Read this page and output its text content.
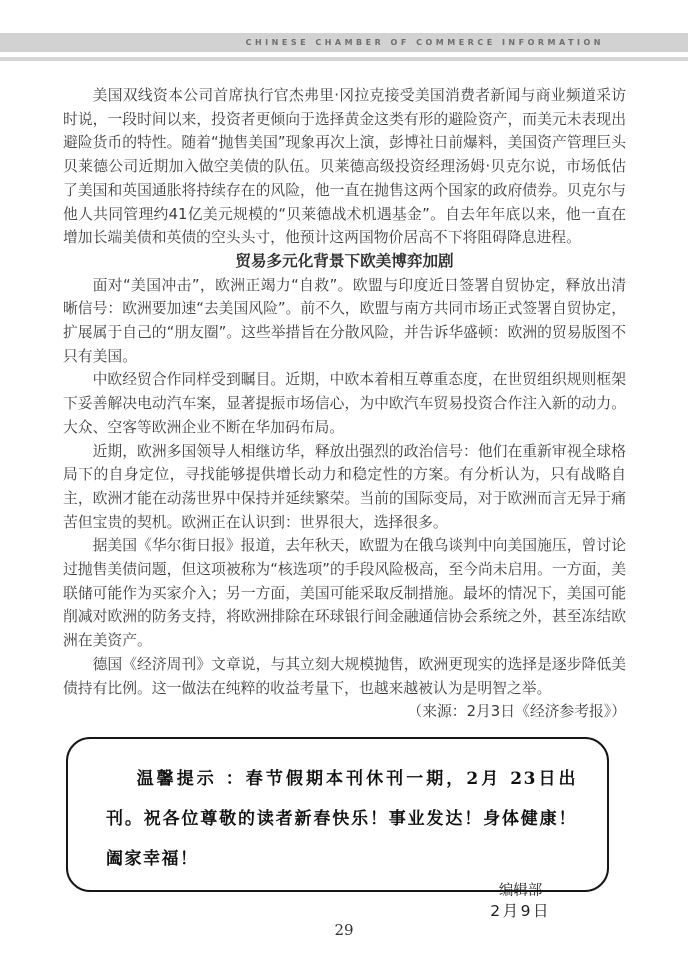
CHINESE CHAMBER OF COMMERCE INFORMATION

美国双线资本公司首席执行官杰弗里·冈拉克接受美国消费者新闻与商业频道采访时说，一段时间以来，投资者更倾向于选择黄金这类有形的避险资产，而美元未表现出避险货币的特性。随着“抛售美国”现象再次上演，彭博社日前爆料，美国资产管理巨头贝莱德公司近期加入做空美债的队伍。贝莱德高级投资经理汤姆·贝克尔说，市场低估了美国和英国通胀将持续存在的风险，他一直在抛售这两个国家的政府债券。贝克尔与他人共同管理约41亿美元规模的“贝莱德战术机遇基金”。自去年年底以来，他一直在增加长端美债和英债的空头头寸，他预计这两国物价居高不下将阻碍降息进程。

贸易多元化背景下欧美博弈加剧

面对“美国冲击”，欧洲正竭力“自救”。欧盟与印度近日签署自贸协定，释放出清晰信号：欧洲要加速“去美国风险”。前不久，欧盟与南方共同市场正式签署自贸协定，扩展属于自己的“朋友圈”。这些举措旨在分散风险，并告诉华盛顿：欧洲的贸易版图不只有美国。

中欧经贸合作同样受到瞩目。近期，中欧本着相互尊重态度，在世贸组织规则框架下妥善解决电动汽车案，显著提振市场信心，为中欧汽车贸易投资合作注入新的动力。大众、空客等欧洲企业不断在华加码布局。

近期，欧洲多国领导人相继访华，释放出强烈的政治信号：他们在重新审视全球格局下的自身定位，寻找能够提供增长动力和稳定性的方案。有分析认为，只有战略自主，欧洲才能在动荡世界中保持并延续繁荣。当前的国际变局，对于欧洲而言无异于痛苦但宝贵的契机。欧洲正在认识到：世界很大，选择很多。

据美国《华尔街日报》报道，去年秋天，欧盟为在俄乌谈判中向美国施压，曾讨论过抛售美债问题，但这项被称为“核选项”的手段风险极高，至今尚未启用。一方面，美联储可能作为买家介入；另一方面，美国可能采取反制措施。最坏的情况下，美国可能削减对欧洲的防务支持，将欧洲排除在环球银行间金融通信协会系统之外，甚至冻结欧洲在美资产。

德国《经济周刊》文章说，与其立刻大规模抛售，欧洲更现实的选择是逐步降低美债持有比例。这一做法在纯粹的收益考量下，也越来越被认为是明智之举。

（来源：2月3日《经济参考报》）

温馨提示 ：春节假期本刊休刊一期，2月 23日出刊。祝各位尊敬的读者新春快乐！事业发达！身体健康！阖家幸福！

编辑部
2月9日
29
